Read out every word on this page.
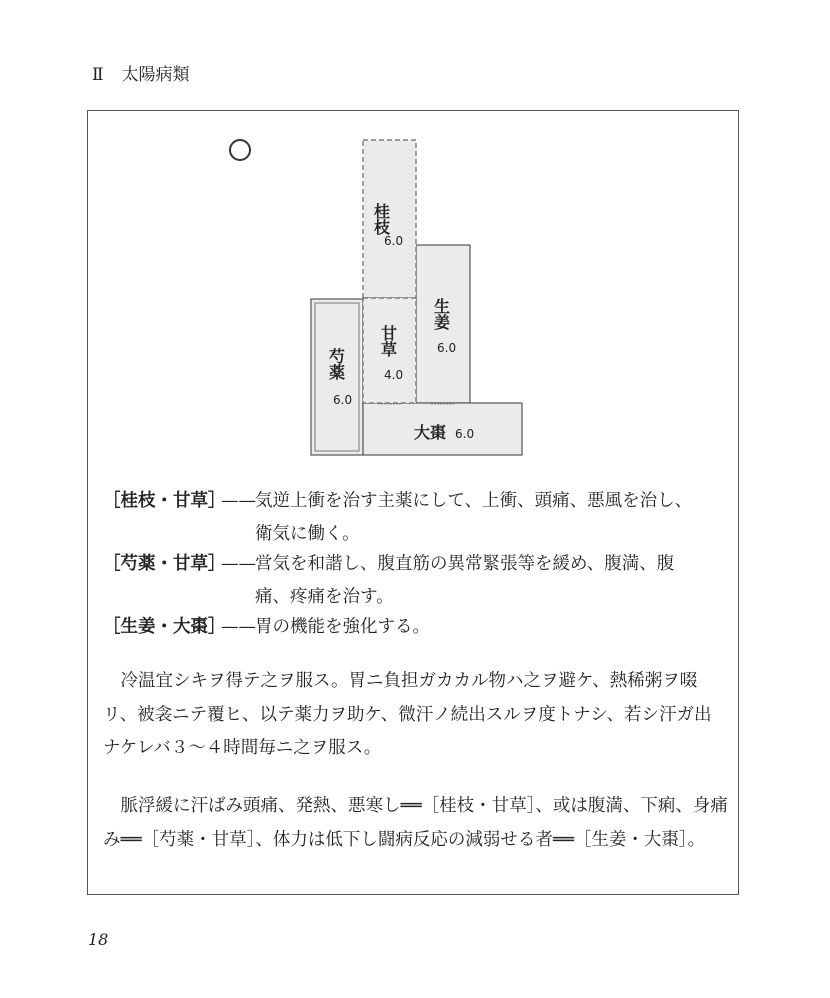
Ⅱ 太陽病類
桂枝
6.0
生姜
6.0
甘草
4.0
芍薬
6.0
大棗 6.0
［桂枝・甘草］
—— 気逆上衝を治す主薬にして、上衝、頭痛、悪風を治し、
衛気に働く。
［芍薬・甘草］
—— 営気を和諧し、腹直筋の異常緊張等を緩め、腹満、腹
痛、疼痛を治す。
［生姜・大棗］
—— 胃の機能を強化する。
冷温宜シキヲ得テ之ヲ服ス。胃ニ負担ガカカル物ハ之ヲ避ケ、熱稀粥ヲ啜リ、被衾ニテ覆ヒ、以テ薬力ヲ助ケ、微汗ノ続出スルヲ度トナシ、若シ汗ガ出ナケレバ３～４時間毎ニ之ヲ服ス。
脈浮緩に汗ばみ頭痛、発熱、悪寒し══［桂枝・甘草］、或は腹満、下痢、身痛み══［芍薬・甘草］、体力は低下し闘病反応の減弱せる者══［生姜・大棗］。
18
